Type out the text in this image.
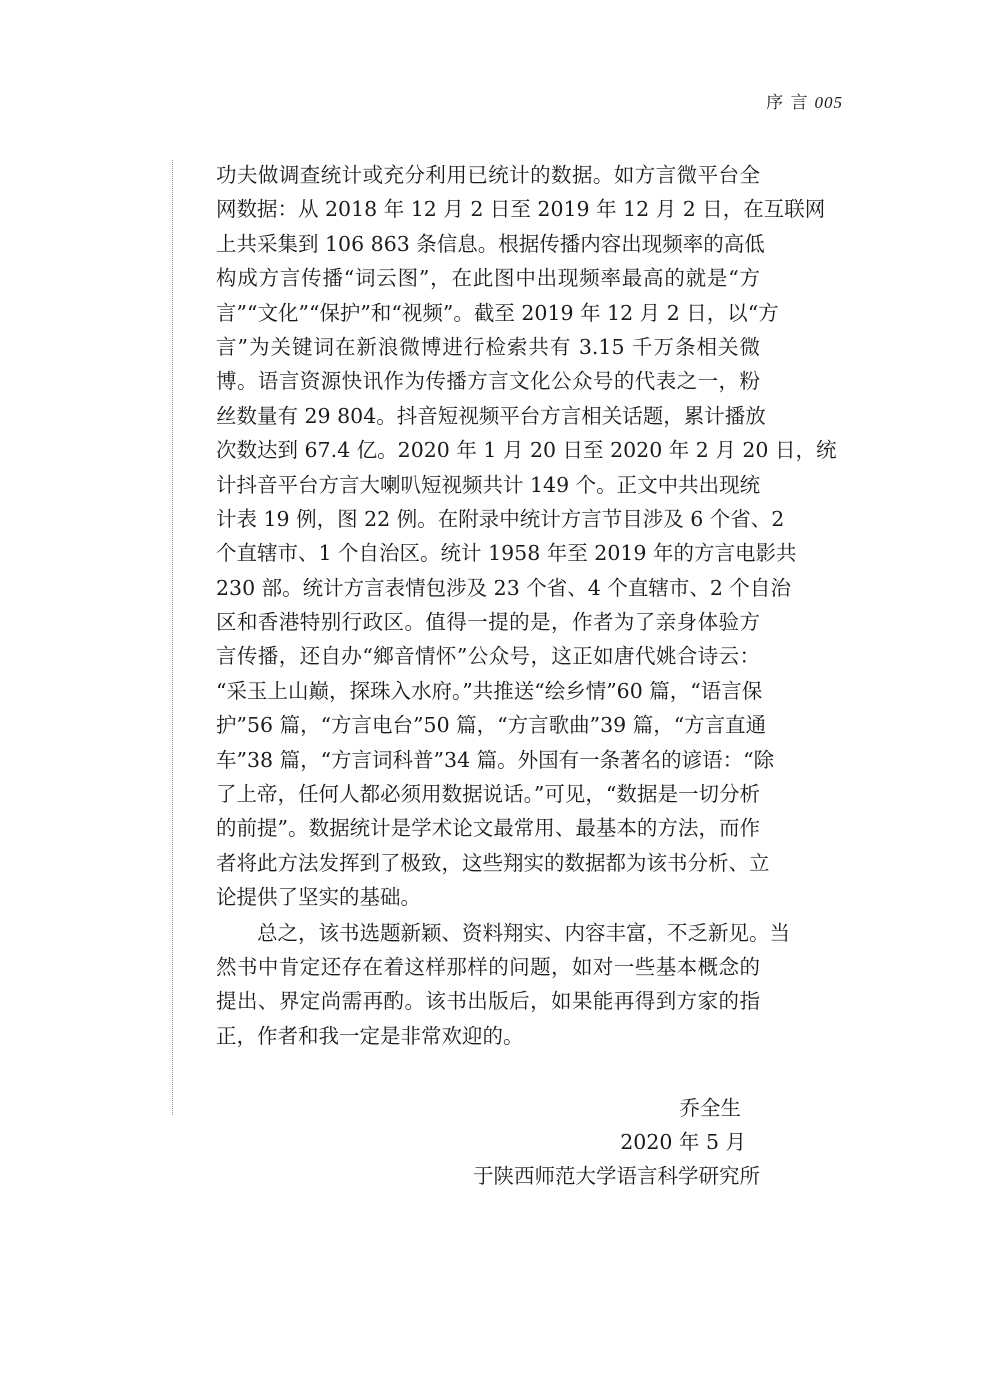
序 言 005
功夫做调查统计或充分利用已统计的数据。如方言微平台全
网数据：从 2018 年 12 月 2 日至 2019 年 12 月 2 日，在互联网
上共采集到 106 863 条信息。根据传播内容出现频率的高低
构成方言传播“词云图”，在此图中出现频率最高的就是“方
言”“文化”“保护”和“视频”。截至 2019 年 12 月 2 日，以“方
言”为关键词在新浪微博进行检索共有 3.15 千万条相关微
博。语言资源快讯作为传播方言文化公众号的代表之一，粉
丝数量有 29 804。抖音短视频平台方言相关话题，累计播放
次数达到 67.4 亿。2020 年 1 月 20 日至 2020 年 2 月 20 日，统
计抖音平台方言大喇叭短视频共计 149 个。正文中共出现统
计表 19 例，图 22 例。在附录中统计方言节目涉及 6 个省、2
个直辖市、1 个自治区。统计 1958 年至 2019 年的方言电影共
230 部。统计方言表情包涉及 23 个省、4 个直辖市、2 个自治
区和香港特别行政区。值得一提的是，作者为了亲身体验方
言传播，还自办“鄉音情怀”公众号，这正如唐代姚合诗云：
“采玉上山巅，探珠入水府。”共推送“绘乡情”60 篇，“语言保
护”56 篇，“方言电台”50 篇，“方言歌曲”39 篇，“方言直通
车”38 篇，“方言词科普”34 篇。外国有一条著名的谚语：“除
了上帝，任何人都必须用数据说话。”可见，“数据是一切分析
的前提”。数据统计是学术论文最常用、最基本的方法，而作
者将此方法发挥到了极致，这些翔实的数据都为该书分析、立
论提供了坚实的基础。
总之，该书选题新颖、资料翔实、内容丰富，不乏新见。当
然书中肯定还存在着这样那样的问题，如对一些基本概念的
提出、界定尚需再酌。该书出版后，如果能再得到方家的指
正，作者和我一定是非常欢迎的。
乔全生
2020 年 5 月
于陕西师范大学语言科学研究所
